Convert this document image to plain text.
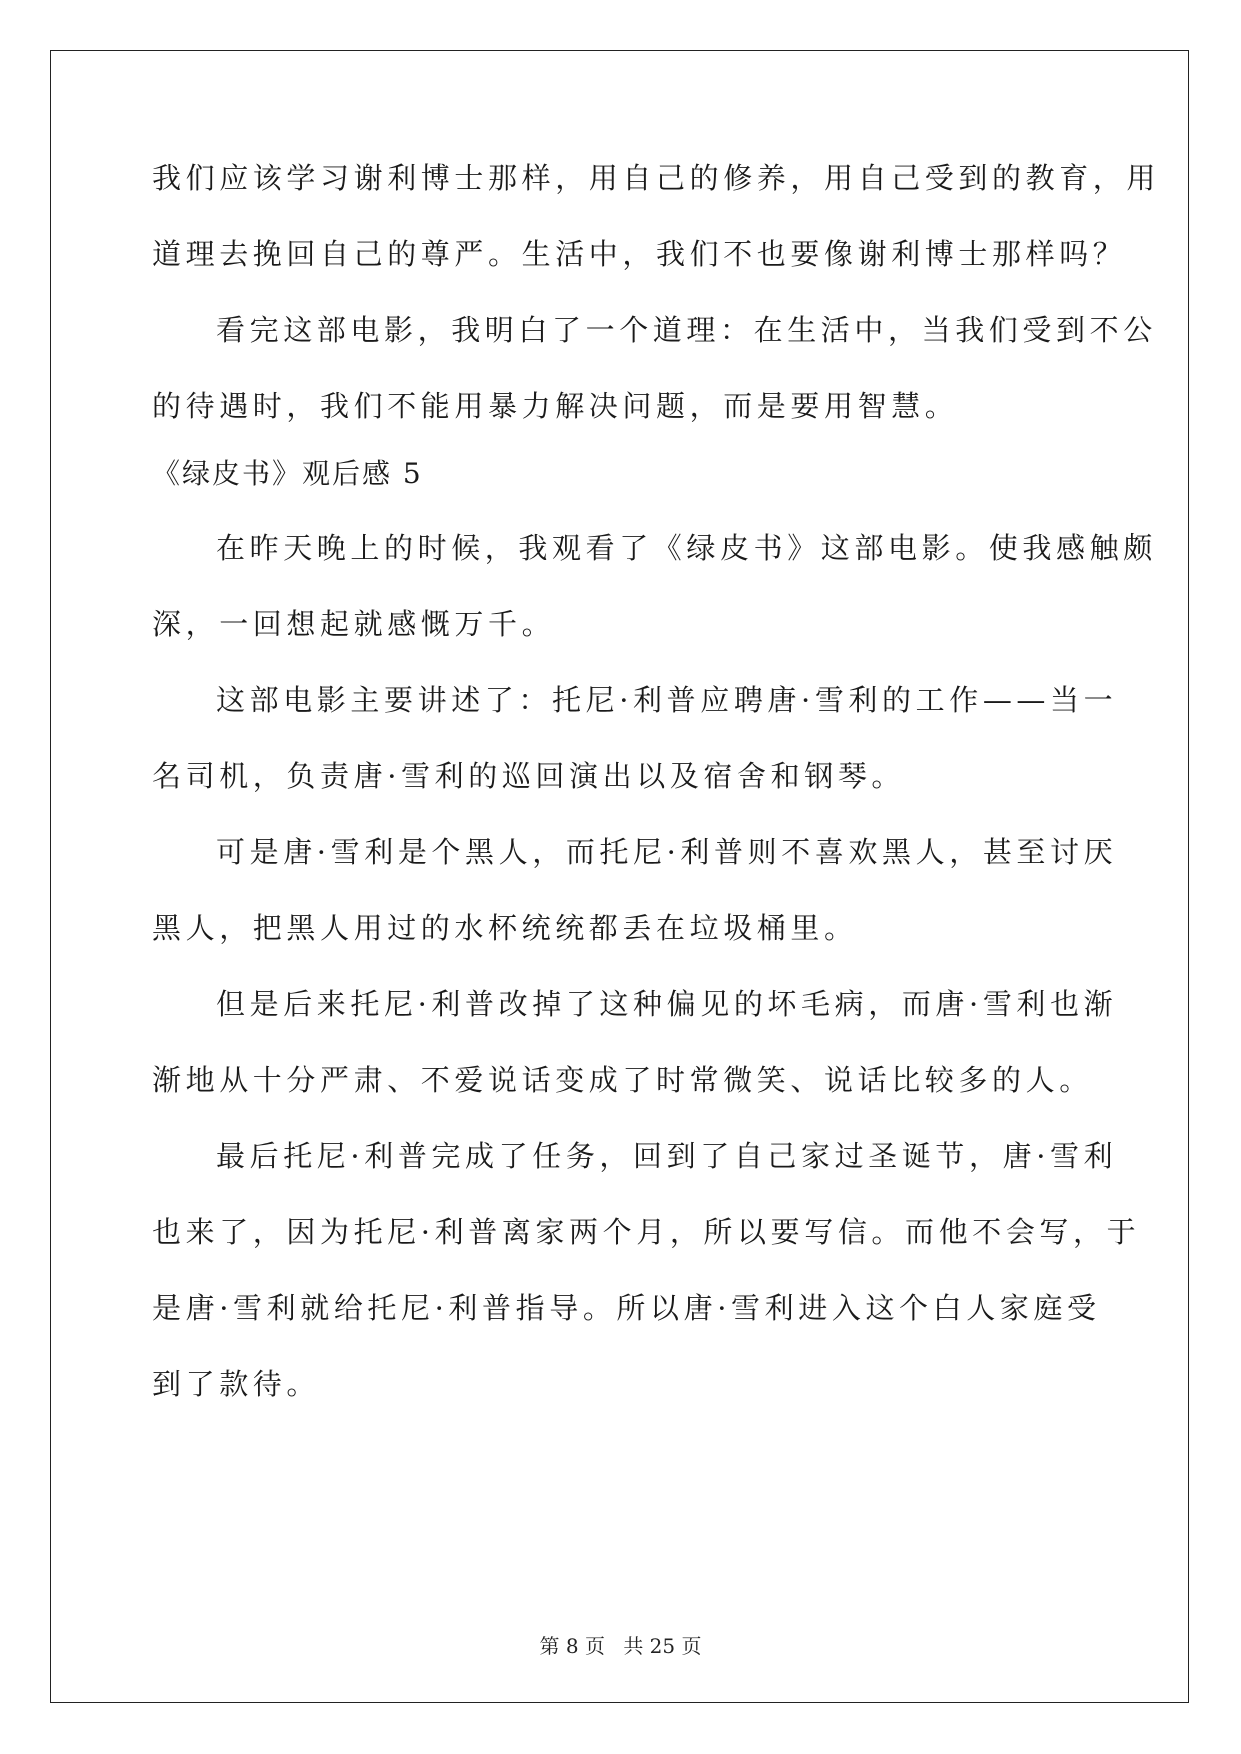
我们应该学习谢利博士那样，用自己的修养，用自己受到的教育，用

道理去挽回自己的尊严。生活中，我们不也要像谢利博士那样吗？

看完这部电影，我明白了一个道理：在生活中，当我们受到不公

的待遇时，我们不能用暴力解决问题，而是要用智慧。

《绿皮书》观后感 5

在昨天晚上的时候，我观看了《绿皮书》这部电影。使我感触颇

深，一回想起就感慨万千。

这部电影主要讲述了：托尼·利普应聘唐·雪利的工作——当一

名司机，负责唐·雪利的巡回演出以及宿舍和钢琴。

可是唐·雪利是个黑人，而托尼·利普则不喜欢黑人，甚至讨厌

黑人，把黑人用过的水杯统统都丢在垃圾桶里。

但是后来托尼·利普改掉了这种偏见的坏毛病，而唐·雪利也渐

渐地从十分严肃、不爱说话变成了时常微笑、说话比较多的人。

最后托尼·利普完成了任务，回到了自己家过圣诞节，唐·雪利

也来了，因为托尼·利普离家两个月，所以要写信。而他不会写，于

是唐·雪利就给托尼·利普指导。所以唐·雪利进入这个白人家庭受

到了款待。

第 8 页 共 25 页
